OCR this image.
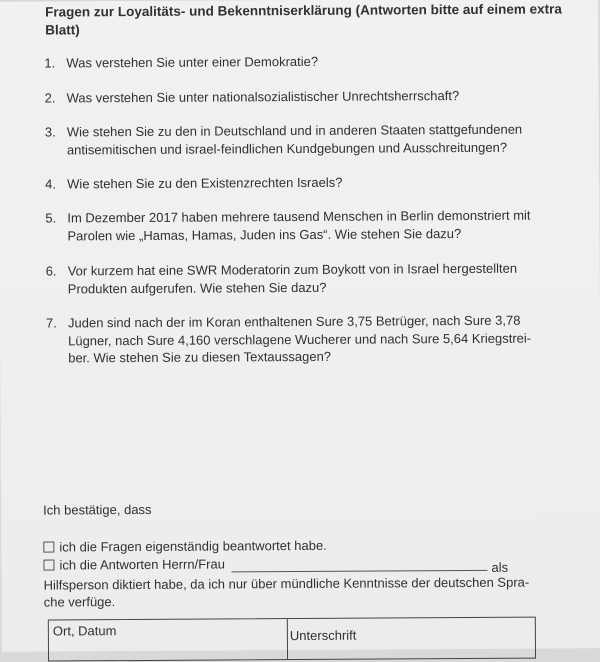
Fragen zur Loyalitäts- und Bekenntniserklärung (Antworten bitte auf einem extra
Blatt)
1. Was verstehen Sie unter einer Demokratie?
2. Was verstehen Sie unter nationalsozialistischer Unrechtsherrschaft?
3. Wie stehen Sie zu den in Deutschland und in anderen Staaten stattgefundenen
antisemitischen und israel-feindlichen Kundgebungen und Ausschreitungen?
4. Wie stehen Sie zu den Existenzrechten Israels?
5. Im Dezember 2017 haben mehrere tausend Menschen in Berlin demonstriert mit
Parolen wie „Hamas, Hamas, Juden ins Gas“. Wie stehen Sie dazu?
6. Vor kurzem hat eine SWR Moderatorin zum Boykott von in Israel hergestellten
Produkten aufgerufen. Wie stehen Sie dazu?
7. Juden sind nach der im Koran enthaltenen Sure 3,75 Betrüger, nach Sure 3,78
Lügner, nach Sure 4,160 verschlagene Wucherer und nach Sure 5,64 Kriegstrei-
ber. Wie stehen Sie zu diesen Textaussagen?
Ich bestätige, dass
ich die Fragen eigenständig beantwortet habe.
ich die Antworten Herrn/Frau	als
Hilfsperson diktiert habe, da ich nur über mündliche Kenntnisse der deutschen Spra-
che verfüge.
Ort, Datum	Unterschrift
